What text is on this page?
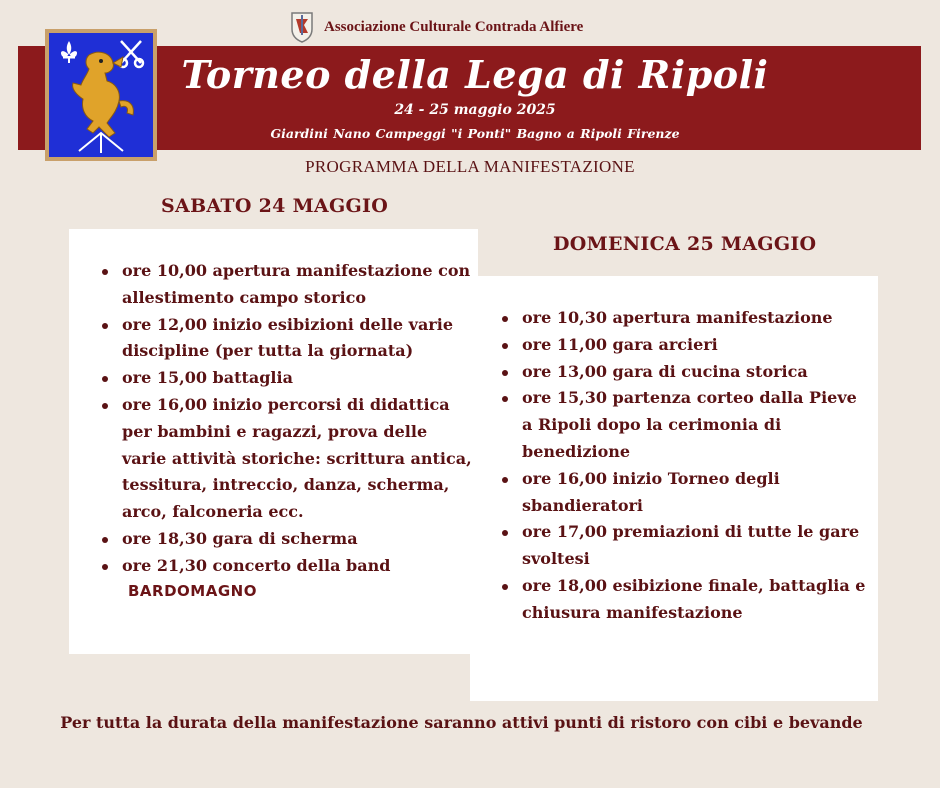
Associazione Culturale Contrada Alfiere
Torneo della Lega di Ripoli
24 - 25 maggio 2025
Giardini Nano Campeggi "i Ponti" Bagno a Ripoli Firenze
PROGRAMMA DELLA MANIFESTAZIONE
SABATO 24 MAGGIO
DOMENICA 25 MAGGIO
ore 10,00 apertura manifestazione con allestimento campo storico
ore 12,00 inizio esibizioni delle varie discipline (per tutta la giornata)
ore 15,00 battaglia
ore 16,00 inizio percorsi di didattica per bambini e ragazzi, prova delle varie attività storiche: scrittura antica, tessitura, intreccio, danza, scherma, arco, falconeria ecc.
ore 18,30 gara di scherma
ore 21,30 concerto della band
BARDOMAGNO
ore 10,30 apertura manifestazione
ore 11,00 gara arcieri
ore 13,00 gara di cucina storica
ore 15,30 partenza corteo dalla Pieve a Ripoli dopo la cerimonia di benedizione
ore 16,00 inizio Torneo degli sbandieratori
ore 17,00 premiazioni di tutte le gare svoltesi
ore 18,00 esibizione finale, battaglia e chiusura manifestazione
Per tutta la durata della manifestazione saranno attivi punti di ristoro con cibi e bevande
